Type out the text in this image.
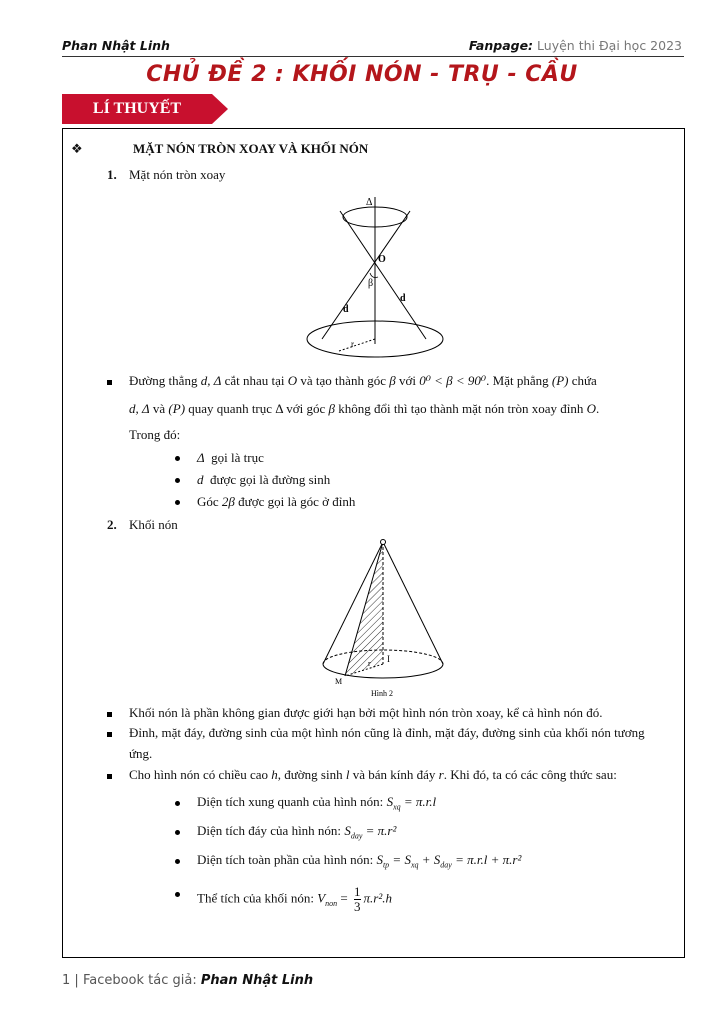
Phan Nhật Linh	Fanpage: Luyện thi Đại học 2023
CHỦ ĐỀ 2 : KHỐI NÓN - TRỤ - CẦU
LÍ THUYẾT
❖	MẶT NÓN TRÒN XOAY VÀ KHỐI NÓN
1. Mặt nón tròn xoay
Δ
O
β
d
d
r
Đường thẳng d, Δ cắt nhau tại O và tạo thành góc β với 0⁰ < β < 90⁰. Mặt phẳng (P) chứa
d, Δ và (P) quay quanh trục Δ với góc β không đổi thì tạo thành mặt nón tròn xoay đỉnh O.
Trong đó:
Δ gọi là trục
d được gọi là đường sinh
Góc 2β được gọi là góc ở đỉnh
2. Khối nón
I
r
M
Hình 2
Khối nón là phần không gian được giới hạn bởi một hình nón tròn xoay, kể cả hình nón đó.
Đỉnh, mặt đáy, đường sinh của một hình nón cũng là đỉnh, mặt đáy, đường sinh của khối nón tương
ứng.
Cho hình nón có chiều cao h, đường sinh l và bán kính đáy r. Khi đó, ta có các công thức sau:
Diện tích xung quanh của hình nón: $S_{xq} = \pi.r.l$
Diện tích đáy của hình nón: $S_{day} = \pi.r^2$
Diện tích toàn phần của hình nón: $S_{tp} = S_{xq} + S_{day} = \pi.r.l + \pi.r^2$
Thể tích của khối nón: $V_{non} = \frac{1}{3} \pi.r^2.h$
1 | Facebook tác giả: Phan Nhật Linh
